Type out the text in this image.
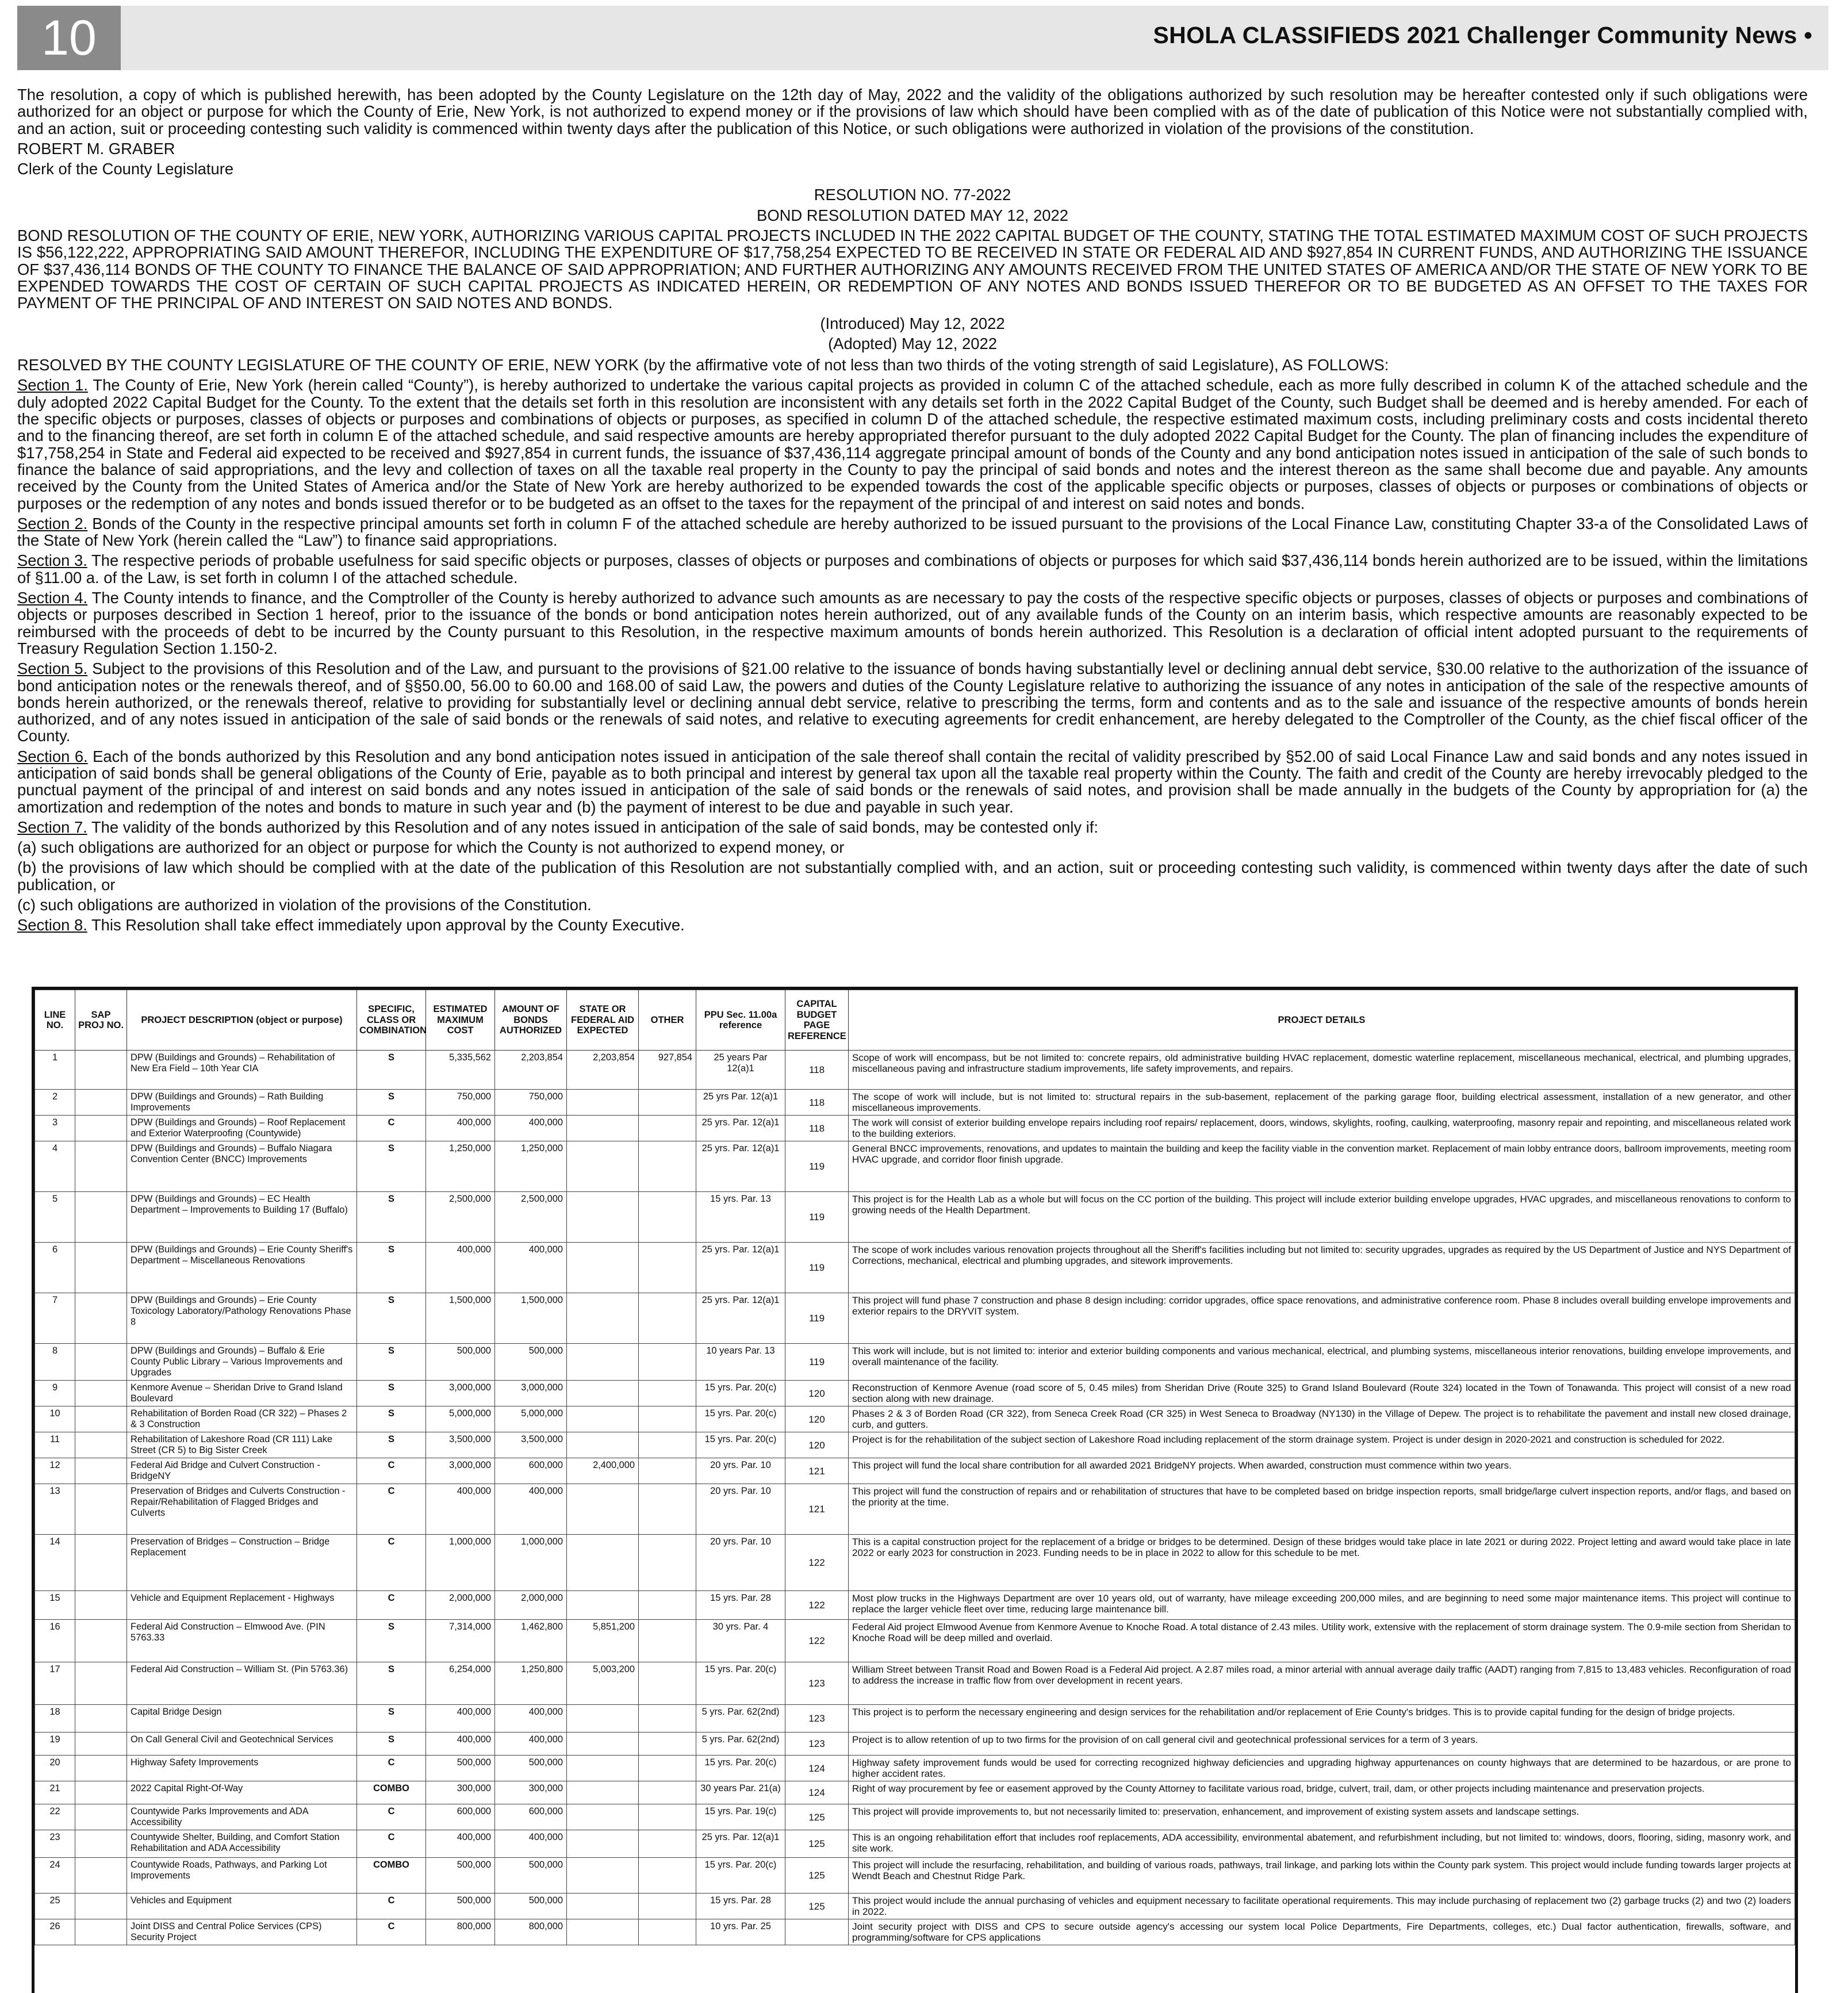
10	SHOLA CLASSIFIEDS 2021 Challenger Community News •

The resolution, a copy of which is published herewith, has been adopted by the County Legislature on the 12th day of May, 2022 and the validity of the obligations authorized by such resolution may be hereafter contested only if such obligations were authorized for an object or purpose for which the County of Erie, New York, is not authorized to expend money or if the provisions of law which should have been complied with as of the date of publication of this Notice were not substantially complied with, and an action, suit or proceeding contesting such validity is commenced within twenty days after the publication of this Notice, or such obligations were authorized in violation of the provisions of the constitution.

ROBERT M. GRABER

Clerk of the County Legislature

RESOLUTION NO. 77-2022

BOND RESOLUTION DATED MAY 12, 2022

BOND RESOLUTION OF THE COUNTY OF ERIE, NEW YORK, AUTHORIZING VARIOUS CAPITAL PROJECTS INCLUDED IN THE 2022 CAPITAL BUDGET OF THE COUNTY, STATING THE TOTAL ESTIMATED MAXIMUM COST OF SUCH PROJECTS IS $56,122,222, APPROPRIATING SAID AMOUNT THEREFOR, INCLUDING THE EXPENDITURE OF $17,758,254 EXPECTED TO BE RECEIVED IN STATE OR FEDERAL AID AND $927,854 IN CURRENT FUNDS, AND AUTHORIZING THE ISSUANCE OF $37,436,114 BONDS OF THE COUNTY TO FINANCE THE BALANCE OF SAID APPROPRIATION; AND FURTHER AUTHORIZING ANY AMOUNTS RECEIVED FROM THE UNITED STATES OF AMERICA AND/OR THE STATE OF NEW YORK TO BE EXPENDED TOWARDS THE COST OF CERTAIN OF SUCH CAPITAL PROJECTS AS INDICATED HEREIN, OR REDEMPTION OF ANY NOTES AND BONDS ISSUED THEREFOR OR TO BE BUDGETED AS AN OFFSET TO THE TAXES FOR PAYMENT OF THE PRINCIPAL OF AND INTEREST ON SAID NOTES AND BONDS.

(Introduced) May 12, 2022

(Adopted) May 12, 2022

RESOLVED BY THE COUNTY LEGISLATURE OF THE COUNTY OF ERIE, NEW YORK (by the affirmative vote of not less than two thirds of the voting strength of said Legislature), AS FOLLOWS:

Section 1. The County of Erie, New York (herein called “County”), is hereby authorized to undertake the various capital projects as provided in column C of the attached schedule, each as more fully described in column K of the attached schedule and the duly adopted 2022 Capital Budget for the County. To the extent that the details set forth in this resolution are inconsistent with any details set forth in the 2022 Capital Budget of the County, such Budget shall be deemed and is hereby amended. For each of the specific objects or purposes, classes of objects or purposes and combinations of objects or purposes, as specified in column D of the attached schedule, the respective estimated maximum costs, including preliminary costs and costs incidental thereto and to the financing thereof, are set forth in column E of the attached schedule, and said respective amounts are hereby appropriated therefor pursuant to the duly adopted 2022 Capital Budget for the County. The plan of financing includes the expenditure of $17,758,254 in State and Federal aid expected to be received and $927,854 in current funds, the issuance of $37,436,114 aggregate principal amount of bonds of the County and any bond anticipation notes issued in anticipation of the sale of such bonds to finance the balance of said appropriations, and the levy and collection of taxes on all the taxable real property in the County to pay the principal of said bonds and notes and the interest thereon as the same shall become due and payable. Any amounts received by the County from the United States of America and/or the State of New York are hereby authorized to be expended towards the cost of the applicable specific objects or purposes, classes of objects or purposes or combinations of objects or purposes or the redemption of any notes and bonds issued therefor or to be budgeted as an offset to the taxes for the repayment of the principal of and interest on said notes and bonds.

Section 2. Bonds of the County in the respective principal amounts set forth in column F of the attached schedule are hereby authorized to be issued pursuant to the provisions of the Local Finance Law, constituting Chapter 33-a of the Consolidated Laws of the State of New York (herein called the “Law”) to finance said appropriations.

Section 3. The respective periods of probable usefulness for said specific objects or purposes, classes of objects or purposes and combinations of objects or purposes for which said $37,436,114 bonds herein authorized are to be issued, within the limitations of §11.00 a. of the Law, is set forth in column I of the attached schedule.

Section 4. The County intends to finance, and the Comptroller of the County is hereby authorized to advance such amounts as are necessary to pay the costs of the respective specific objects or purposes, classes of objects or purposes and combinations of objects or purposes described in Section 1 hereof, prior to the issuance of the bonds or bond anticipation notes herein authorized, out of any available funds of the County on an interim basis, which respective amounts are reasonably expected to be reimbursed with the proceeds of debt to be incurred by the County pursuant to this Resolution, in the respective maximum amounts of bonds herein authorized. This Resolution is a declaration of official intent adopted pursuant to the requirements of Treasury Regulation Section 1.150-2.

Section 5. Subject to the provisions of this Resolution and of the Law, and pursuant to the provisions of §21.00 relative to the issuance of bonds having substantially level or declining annual debt service, §30.00 relative to the authorization of the issuance of bond anticipation notes or the renewals thereof, and of §§50.00, 56.00 to 60.00 and 168.00 of said Law, the powers and duties of the County Legislature relative to authorizing the issuance of any notes in anticipation of the sale of the respective amounts of bonds herein authorized, or the renewals thereof, relative to providing for substantially level or declining annual debt service, relative to prescribing the terms, form and contents and as to the sale and issuance of the respective amounts of bonds herein authorized, and of any notes issued in anticipation of the sale of said bonds or the renewals of said notes, and relative to executing agreements for credit enhancement, are hereby delegated to the Comptroller of the County, as the chief fiscal officer of the County.

Section 6. Each of the bonds authorized by this Resolution and any bond anticipation notes issued in anticipation of the sale thereof shall contain the recital of validity prescribed by §52.00 of said Local Finance Law and said bonds and any notes issued in anticipation of said bonds shall be general obligations of the County of Erie, payable as to both principal and interest by general tax upon all the taxable real property within the County. The faith and credit of the County are hereby irrevocably pledged to the punctual payment of the principal of and interest on said bonds and any notes issued in anticipation of the sale of said bonds or the renewals of said notes, and provision shall be made annually in the budgets of the County by appropriation for (a) the amortization and redemption of the notes and bonds to mature in such year and (b) the payment of interest to be due and payable in such year.

Section 7. The validity of the bonds authorized by this Resolution and of any notes issued in anticipation of the sale of said bonds, may be contested only if:

(a) such obligations are authorized for an object or purpose for which the County is not authorized to expend money, or

(b) the provisions of law which should be complied with at the date of the publication of this Resolution are not substantially complied with, and an action, suit or proceeding contesting such validity, is commenced within twenty days after the date of such publication, or

(c) such obligations are authorized in violation of the provisions of the Constitution.

Section 8. This Resolution shall take effect immediately upon approval by the County Executive.

LINE NO.	SAP PROJ NO.	PROJECT DESCRIPTION (object or purpose)	SPECIFIC, CLASS OR COMBINATION	ESTIMATED MAXIMUM COST	AMOUNT OF BONDS AUTHORIZED	STATE OR FEDERAL AID EXPECTED	OTHER	PPU Sec. 11.00a reference	CAPITAL BUDGET PAGE REFERENCE	PROJECT DETAILS
1		DPW (Buildings and Grounds) – Rehabilitation of New Era Field – 10th Year CIA	S	5,335,562	2,203,854	2,203,854	927,854	25 years Par 12(a)1	118	Scope of work will encompass, but be not limited to: concrete repairs, old administrative building HVAC replacement, domestic waterline replacement, miscellaneous mechanical, electrical, and plumbing upgrades, miscellaneous paving and infrastructure stadium improvements, life safety improvements, and repairs.
2		DPW (Buildings and Grounds) – Rath Building Improvements	S	750,000	750,000			25 yrs Par. 12(a)1	118	The scope of work will include, but is not limited to: structural repairs in the sub-basement, replacement of the parking garage floor, building electrical assessment, installation of a new generator, and other miscellaneous improvements.
3		DPW (Buildings and Grounds) – Roof Replacement and Exterior Waterproofing (Countywide)	C	400,000	400,000			25 yrs. Par. 12(a)1	118	The work will consist of exterior building envelope repairs including roof repairs/ replacement, doors, windows, skylights, roofing, caulking, waterproofing, masonry repair and repointing, and miscellaneous related work to the building exteriors.
4		DPW (Buildings and Grounds) – Buffalo Niagara Convention Center (BNCC) Improvements	S	1,250,000	1,250,000			25 yrs. Par. 12(a)1	119	General BNCC improvements, renovations, and updates to maintain the building and keep the facility viable in the convention market. Replacement of main lobby entrance doors, ballroom improvements, meeting room HVAC upgrade, and corridor floor finish upgrade.
5		DPW (Buildings and Grounds) – EC Health Department – Improvements to Building 17 (Buffalo)	S	2,500,000	2,500,000			15 yrs. Par. 13	119	This project is for the Health Lab as a whole but will focus on the CC portion of the building. This project will include exterior building envelope upgrades, HVAC upgrades, and miscellaneous renovations to conform to growing needs of the Health Department.
6		DPW (Buildings and Grounds) – Erie County Sheriff's Department – Miscellaneous Renovations	S	400,000	400,000			25 yrs. Par. 12(a)1	119	The scope of work includes various renovation projects throughout all the Sheriff's facilities including but not limited to: security upgrades, upgrades as required by the US Department of Justice and NYS Department of Corrections, mechanical, electrical and plumbing upgrades, and sitework improvements.
7		DPW (Buildings and Grounds) – Erie County Toxicology Laboratory/Pathology Renovations Phase 8	S	1,500,000	1,500,000			25 yrs. Par. 12(a)1	119	This project will fund phase 7 construction and phase 8 design including: corridor upgrades, office space renovations, and administrative conference room. Phase 8 includes overall building envelope improvements and exterior repairs to the DRYVIT system.
8		DPW (Buildings and Grounds) – Buffalo & Erie County Public Library – Various Improvements and Upgrades	S	500,000	500,000			10 years Par. 13	119	This work will include, but is not limited to: interior and exterior building components and various mechanical, electrical, and plumbing systems, miscellaneous interior renovations, building envelope improvements, and overall maintenance of the facility.
9		Kenmore Avenue – Sheridan Drive to Grand Island Boulevard	S	3,000,000	3,000,000			15 yrs. Par. 20(c)	120	Reconstruction of Kenmore Avenue (road score of 5, 0.45 miles) from Sheridan Drive (Route 325) to Grand Island Boulevard (Route 324) located in the Town of Tonawanda. This project will consist of a new road section along with new drainage.
10		Rehabilitation of Borden Road (CR 322) – Phases 2 & 3 Construction	S	5,000,000	5,000,000			15 yrs. Par. 20(c)	120	Phases 2 & 3 of Borden Road (CR 322), from Seneca Creek Road (CR 325) in West Seneca to Broadway (NY130) in the Village of Depew. The project is to rehabilitate the pavement and install new closed drainage, curb, and gutters.
11		Rehabilitation of Lakeshore Road (CR 111) Lake Street (CR 5) to Big Sister Creek	S	3,500,000	3,500,000			15 yrs. Par. 20(c)	120	Project is for the rehabilitation of the subject section of Lakeshore Road including replacement of the storm drainage system. Project is under design in 2020-2021 and construction is scheduled for 2022.
12		Federal Aid Bridge and Culvert Construction - BridgeNY	C	3,000,000	600,000	2,400,000		20 yrs. Par. 10	121	This project will fund the local share contribution for all awarded 2021 BridgeNY projects. When awarded, construction must commence within two years.
13		Preservation of Bridges and Culverts Construction - Repair/Rehabilitation of Flagged Bridges and Culverts	C	400,000	400,000			20 yrs. Par. 10	121	This project will fund the construction of repairs and or rehabilitation of structures that have to be completed based on bridge inspection reports, small bridge/large culvert inspection reports, and/or flags, and based on the priority at the time.
14		Preservation of Bridges – Construction – Bridge Replacement	C	1,000,000	1,000,000			20 yrs. Par. 10	122	This is a capital construction project for the replacement of a bridge or bridges to be determined. Design of these bridges would take place in late 2021 or during 2022. Project letting and award would take place in late 2022 or early 2023 for construction in 2023. Funding needs to be in place in 2022 to allow for this schedule to be met.
15		Vehicle and Equipment Replacement - Highways	C	2,000,000	2,000,000			15 yrs. Par. 28	122	Most plow trucks in the Highways Department are over 10 years old, out of warranty, have mileage exceeding 200,000 miles, and are beginning to need some major maintenance items. This project will continue to replace the larger vehicle fleet over time, reducing large maintenance bill.
16		Federal Aid Construction – Elmwood Ave. (PIN 5763.33	S	7,314,000	1,462,800	5,851,200		30 yrs. Par. 4	122	Federal Aid project Elmwood Avenue from Kenmore Avenue to Knoche Road. A total distance of 2.43 miles. Utility work, extensive with the replacement of storm drainage system. The 0.9-mile section from Sheridan to Knoche Road will be deep milled and overlaid.
17		Federal Aid Construction – William St. (Pin 5763.36)	S	6,254,000	1,250,800	5,003,200		15 yrs. Par. 20(c)	123	William Street between Transit Road and Bowen Road is a Federal Aid project. A 2.87 miles road, a minor arterial with annual average daily traffic (AADT) ranging from 7,815 to 13,483 vehicles. Reconfiguration of road to address the increase in traffic flow from over development in recent years.
18		Capital Bridge Design	S	400,000	400,000			5 yrs. Par. 62(2nd)	123	This project is to perform the necessary engineering and design services for the rehabilitation and/or replacement of Erie County's bridges. This is to provide capital funding for the design of bridge projects.
19		On Call General Civil and Geotechnical Services	S	400,000	400,000			5 yrs. Par. 62(2nd)	123	Project is to allow retention of up to two firms for the provision of on call general civil and geotechnical professional services for a term of 3 years.
20		Highway Safety Improvements	C	500,000	500,000			15 yrs. Par. 20(c)	124	Highway safety improvement funds would be used for correcting recognized highway deficiencies and upgrading highway appurtenances on county highways that are determined to be hazardous, or are prone to higher accident rates.
21		2022 Capital Right-Of-Way	COMBO	300,000	300,000			30 years Par. 21(a)	124	Right of way procurement by fee or easement approved by the County Attorney to facilitate various road, bridge, culvert, trail, dam, or other projects including maintenance and preservation projects.
22		Countywide Parks Improvements and ADA Accessibility	C	600,000	600,000			15 yrs. Par. 19(c)	125	This project will provide improvements to, but not necessarily limited to: preservation, enhancement, and improvement of existing system assets and landscape settings.
23		Countywide Shelter, Building, and Comfort Station Rehabilitation and ADA Accessibility	C	400,000	400,000			25 yrs. Par. 12(a)1	125	This is an ongoing rehabilitation effort that includes roof replacements, ADA accessibility, environmental abatement, and refurbishment including, but not limited to: windows, doors, flooring, siding, masonry work, and site work.
24		Countywide Roads, Pathways, and Parking Lot Improvements	COMBO	500,000	500,000			15 yrs. Par. 20(c)	125	This project will include the resurfacing, rehabilitation, and building of various roads, pathways, trail linkage, and parking lots within the County park system. This project would include funding towards larger projects at Wendt Beach and Chestnut Ridge Park.
25		Vehicles and Equipment	C	500,000	500,000			15 yrs. Par. 28	125	This project would include the annual purchasing of vehicles and equipment necessary to facilitate operational requirements. This may include purchasing of replacement two (2) garbage trucks (2) and two (2) loaders in 2022.
26		Joint DISS and Central Police Services (CPS) Security Project	C	800,000	800,000			10 yrs. Par. 25		Joint security project with DISS and CPS to secure outside agency's accessing our system local Police Departments, Fire Departments, colleges, etc.) Dual factor authentication, firewalls, software, and programming/software for CPS applications
